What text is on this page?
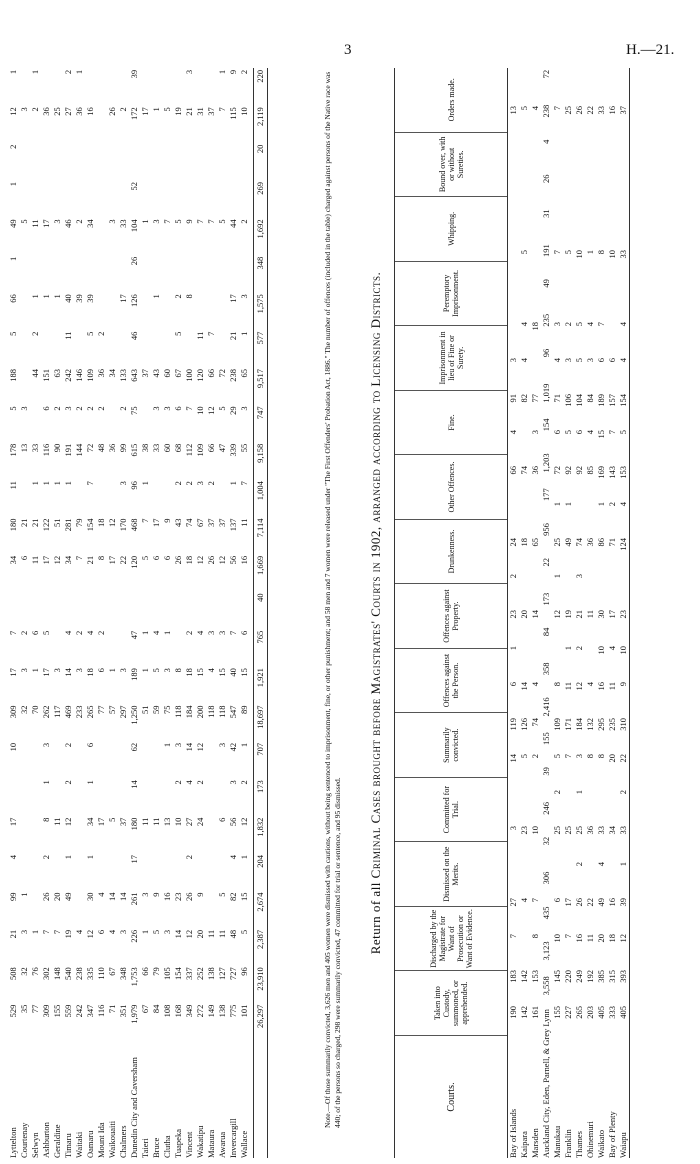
3	H.—21.
Lyttelton
529
508
21
99
4
17
10
309
17
7
34
180
11
178
5
188
5
66
1
49
1
2
12
1
Courtenay
35
32
3
1
32
3
2
6
21
13
3
5
3
Selwyn
77
76
1
70
1
6
11
21
1
33
44
2
1
11
2
1
Ashburton
309
302
7
26
2
8
1
3
262
17
5
17
122
1
116
6
151
1
17
36
Geraldine
155
148
7
20
11
117
3
12
51
1
90
2
63
1
3
25
Timaru
559
540
19
49
1
12
2
2
469
14
4
34
281
1
191
3
242
11
40
46
27
2
Waitaki
242
238
4
233
3
2
7
79
144
2
146
39
2
36
1
Oamaru
347
335
12
30
1
34
1
6
265
18
4
21
154
7
72
2
109
5
39
34
16
Mount Ida
116
110
6
4
17
77
6
2
8
18
48
2
36
2
Waikouaiti
71
67
4
14
5
57
1
17
12
36
34
3
26
Chalmers
351
348
3
14
37
297
3
22
170
3
99
2
133
17
33
2
Dunedin City and Caversham
1,979
1,753
226
261
17
180
14
62
1,250
189
47
120
468
96
615
75
643
46
126
26
104
52
172
39
Taieri
67
66
1
3
11
51
1
1
5
7
1
38
37
1
17
Bruce
84
79
5
9
11
59
5
4
6
17
33
3
43
1
3
1
Clutha
108
105
3
16
13
1
75
3
1
6
9
60
3
60
7
5
Tuapeka
168
154
14
23
10
2
3
118
8
26
43
2
68
6
67
5
2
5
19
Vincent
349
337
12
26
2
27
4
14
184
18
2
18
74
2
112
7
100
8
9
21
3
Wakatipu
272
252
20
9
24
2
12
200
15
4
12
67
3
109
10
120
11
7
31
Mataura
149
138
11
118
4
3
26
37
2
66
12
66
7
7
37
Awarua
138
127
11
5
6
3
118
15
3
12
37
47
5
72
5
7
1
Invercargill
775
727
48
82
4
56
3
42
547
40
7
56
137
1
339
29
238
21
17
44
115
9
Wallace
101
96
5
15
1
12
2
1
89
15
6
16
11
7
55
3
65
1
3
2
10
2
26,297
23,910
2,387
2,674
204
1,832
173
707
18,697
1,921
765
40
1,669
7,114
1,004
9,158
747
9,517
577
1,575
348
1,692
269
20
2,119
220	Note.—Of those summarily convicted, 3,626 men and 405 women were dismissed with cautions, without being sentenced to imprisonment, fine, or other punishment; and 58 men and 7 women were released under "The First Offenders' Probation Act, 1886." The number of offences (included in the table) charged against persons of the Native race was 440; of the persons so charged, 298 were summarily convicted, 47 committed for trial or sentence, and 95 dismissed. Return of all Criminal Cases brought before Magistrates' Courts in 1902, arranged according to Licensing Districts.
Courts.
Taken into Custody, summoned, or apprehended.
Discharged by the Magistrate for Want of Prosecution or Want of Evidence.
Dismissed on the Merits.
Committed for Trial.
Summarily convicted.
Offences against the Person.
Offences against Property.
Drunkenness.
Other Offences.
Fine.
Imprisonment in lieu of Fine or Surety.
Peremptory Imprisonment.
Whipping.
Bound over, with or without Sureties.
Orders made.
Bay of Islands
190
183
7
27
3
14
119
6
1
23
2
24
66
4
91
3
13
Kaipara
142
142
4
23
5
126
14
20
18
74
82
4
4
5
5
Marsden
161
153
8
7
10
2
74
4
14
65
36
3
77
18
4
Auckland City, Eden, Parnell, & Grey Lynn
3,558
3,123
435
306
32
246
39
155
2,416
358
84
173
22
956
177
1,203
154
1,019
96
235
49
191
31
26
4
238
72
Manukau
155
145
10
6
25
2
5
109
8
12
1
25
1
72
6
71
4
3
7
7
Franklin
227
220
7
17
25
7
171
11
1
19
49
1
92
5
106
3
2
5
25
Thames
265
249
16
26
2
25
1
3
184
12
2
21
3
74
92
6
104
5
5
10
26
Ohinemuri
203
192
11
22
36
8
132
4
11
36
85
4
84
3
4
1
22
Waikato
405
385
20
49
4
33
8
295
16
10
30
86
1
169
15
189
6
7
8
33
Bay of Plenty
333
315
18
16
34
20
235
11
4
17
71
2
143
7
157
6
10
16
Waiapu
405
393
12
39
1
33
2
22
310
9
10
23
124
4
153
5
154
4
4
33
37
